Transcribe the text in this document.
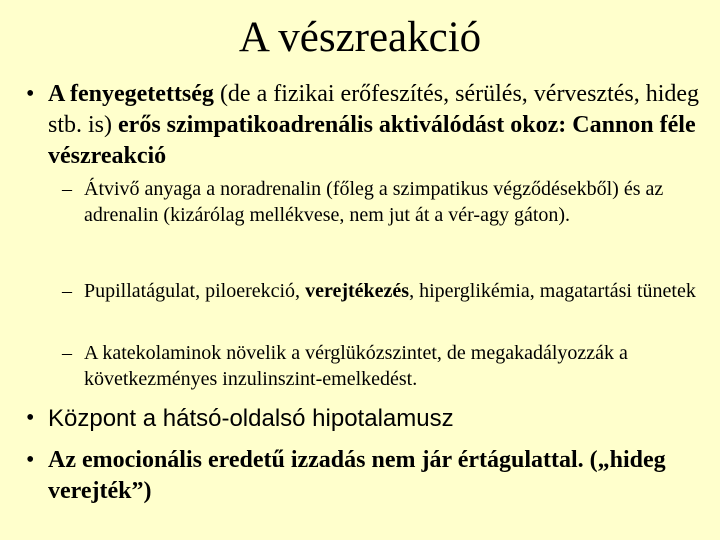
A vészreakció
• A fenyegetettség (de a fizikai erőfeszítés, sérülés, vérvesztés, hideg stb. is) erős szimpatikoadrenális aktiválódást okoz: Cannon féle vészreakció
– Átvivő anyaga a noradrenalin (főleg a szimpatikus végződésekből) és az adrenalin (kizárólag mellékvese, nem jut át a vér-agy gáton).
– Pupillatágulat, piloerekció, verejtékezés, hiperglikémia, magatartási tünetek
– A katekolaminok növelik a vérglükózszintet, de megakadályozzák a következményes inzulinszint-emelkedést.
• Központ a hátsó-oldalsó hipotalamusz
• Az emocionális eredetű izzadás nem jár értágulattal. („hideg verejték”)
